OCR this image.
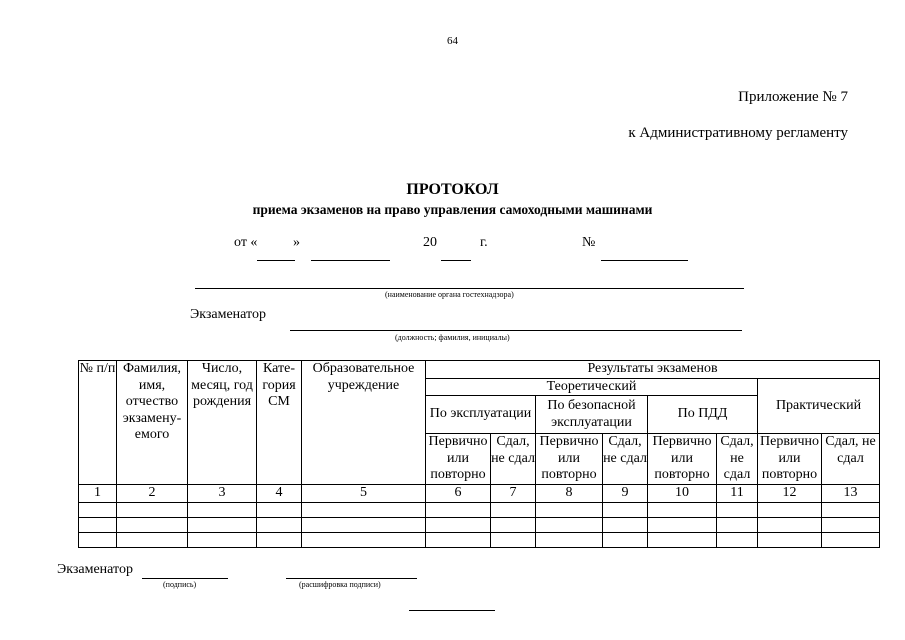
64
Приложение № 7
к Административному регламенту
ПРОТОКОЛ
приема экзаменов на право управления самоходными машинами
от «	»	20	г.	№
(наименование органа гостехнадзора)
Экзаменатор
(должность; фамилия, инициалы)
№ п/п	Фамилия, имя, отчество экзамену-емого	Число, месяц, год рождения	Кате-гория СМ	Образовательное учреждение	Результаты экзаменов							
					Теоретический						Практический	
					По эксплуатации		По безопасной эксплуатации		По ПДД			
					Первично или повторно	Сдал, не сдал	Первично или повторно	Сдал, не сдал	Первично или повторно	Сдал, не сдал	Первично или повторно	Сдал, не сдал
1	2	3	4	5	6	7	8	9	10	11	12	13

Экзаменатор
(подпись)	(расшифровка подписи)
